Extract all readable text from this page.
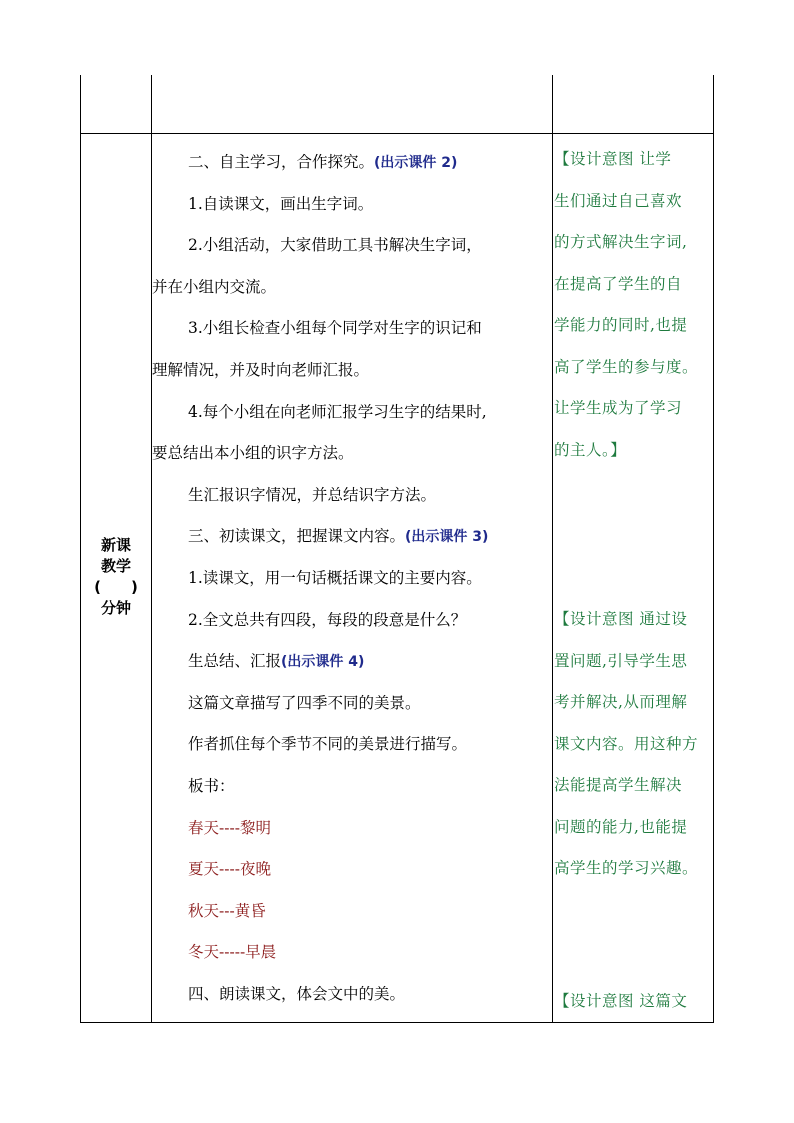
新课
教学
(　　)
分钟
二、自主学习，合作探究。(出示课件 2)
1.自读课文，画出生字词。
2.小组活动，大家借助工具书解决生字词，
并在小组内交流。
3.小组长检查小组每个同学对生字的识记和
理解情况，并及时向老师汇报。
4.每个小组在向老师汇报学习生字的结果时,
要总结出本小组的识字方法。
生汇报识字情况，并总结识字方法。
三、初读课文，把握课文内容。(出示课件 3)
1.读课文，用一句话概括课文的主要内容。
2.全文总共有四段，每段的段意是什么？
生总结、汇报(出示课件 4)
这篇文章描写了四季不同的美景。
作者抓住每个季节不同的美景进行描写。
板书：
春天----黎明
夏天----夜晚
秋天---黄昏
冬天-----早晨
四、朗读课文，体会文中的美。
【设计意图 让学
生们通过自己喜欢
的方式解决生字词,
在提高了学生的自
学能力的同时,也提
高了学生的参与度。
让学生成为了学习
的主人。】
【设计意图 通过设
置问题,引导学生思
考并解决,从而理解
课文内容。用这种方
法能提高学生解决
问题的能力,也能提
高学生的学习兴趣。
【设计意图 这篇文
